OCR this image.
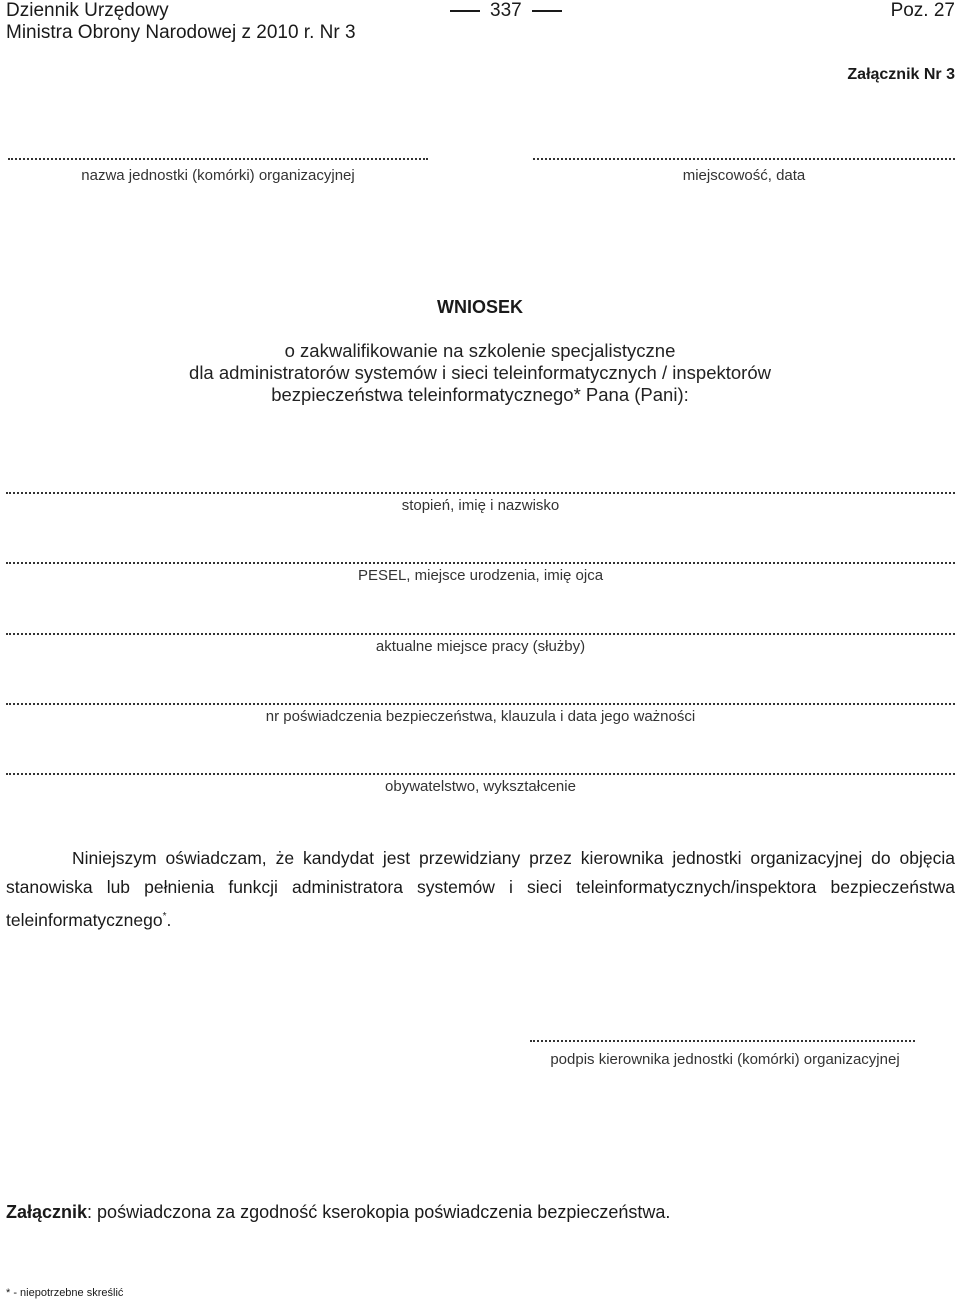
Dziennik Urzędowy
Ministra Obrony Narodowej z 2010 r. Nr 3
337	Poz. 27
Załącznik Nr 3
nazwa jednostki (komórki) organizacyjnej	miejscowość, data
WNIOSEK
o zakwalifikowanie na szkolenie specjalistyczne
dla administratorów systemów i sieci teleinformatycznych / inspektorów
bezpieczeństwa teleinformatycznego* Pana (Pani):
stopień, imię i nazwisko
PESEL, miejsce urodzenia, imię ojca
aktualne miejsce pracy (służby)
nr poświadczenia bezpieczeństwa, klauzula i data jego ważności
obywatelstwo, wykształcenie
Niniejszym oświadczam, że kandydat jest przewidziany przez kierownika jednostki organizacyjnej do objęcia stanowiska lub pełnienia funkcji administratora systemów i sieci teleinformatycznych/inspektora bezpieczeństwa teleinformatycznego*.
podpis kierownika jednostki (komórki) organizacyjnej
Załącznik: poświadczona za zgodność kserokopia poświadczenia bezpieczeństwa.
* - niepotrzebne skreślić
